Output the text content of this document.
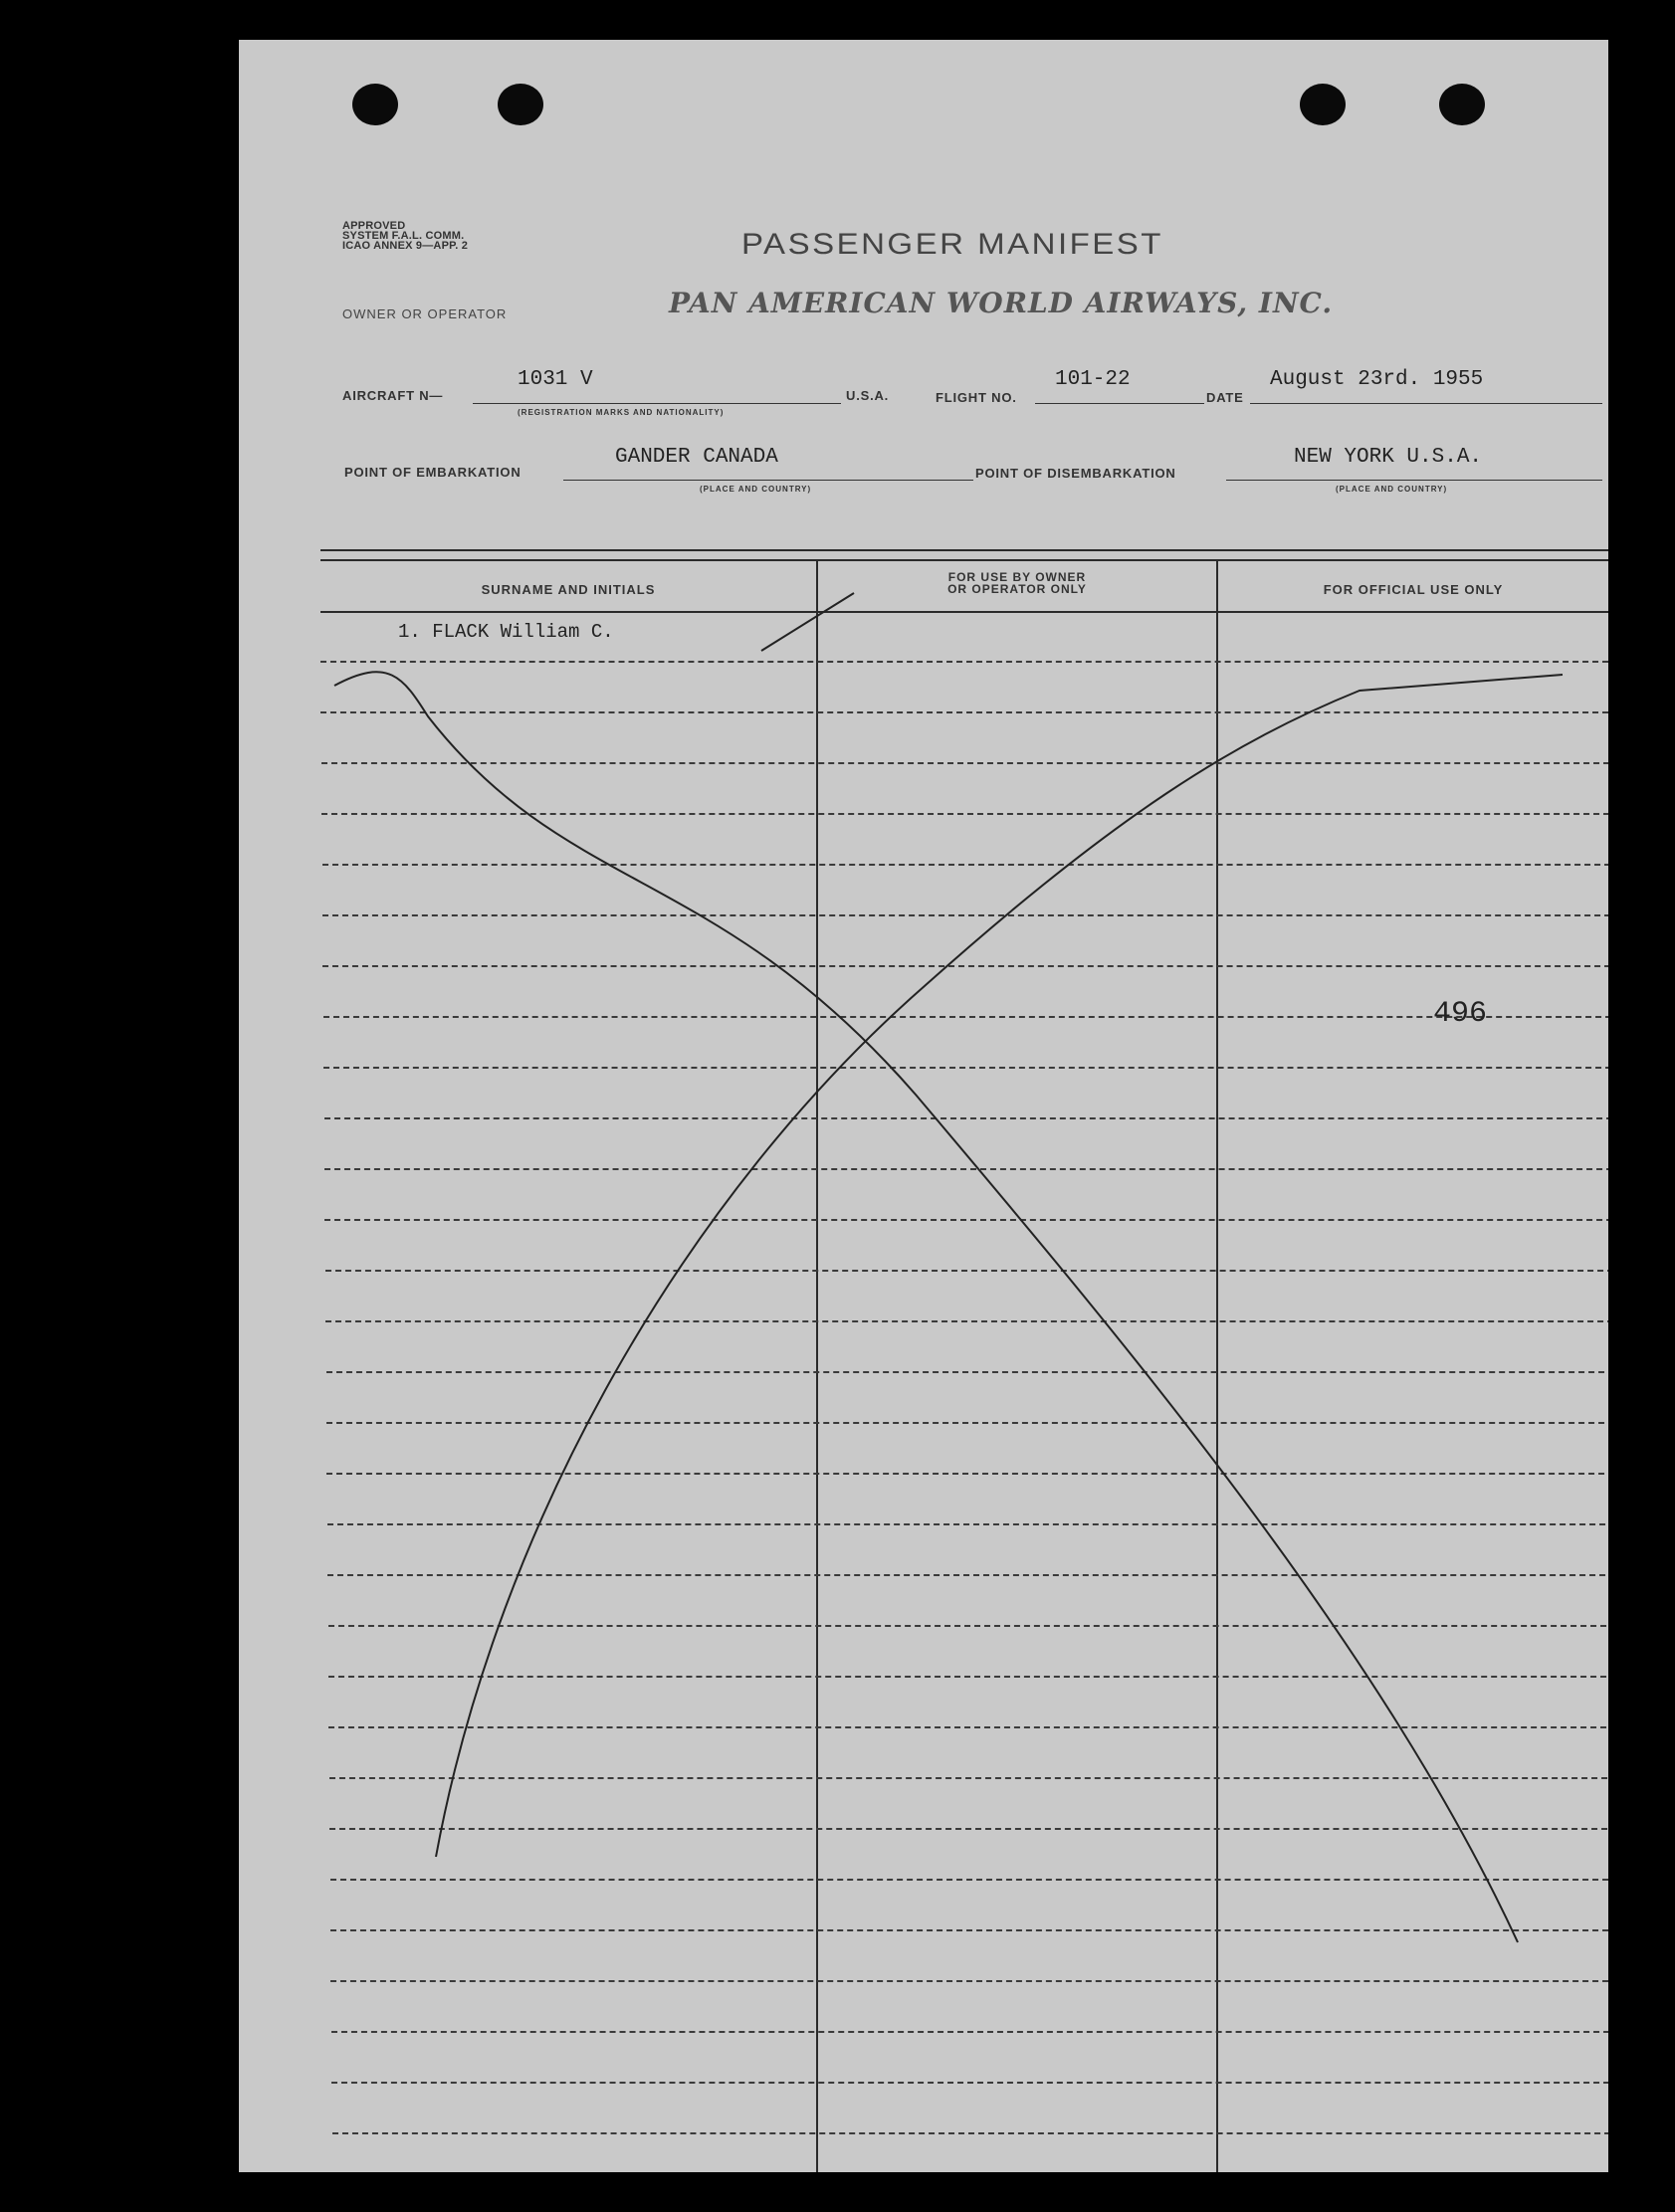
APPROVED
SYSTEM F.A.L. COMM.
ICAO ANNEX 9—APP. 2	PASSENGER MANIFEST
OWNER OR OPERATOR	PAN AMERICAN WORLD AIRWAYS, INC.
AIRCRAFT N—
1031 V
(REGISTRATION MARKS AND NATIONALITY)
U.S.A.	FLIGHT NO.
101-22
DATE
August 23rd. 1955
POINT OF EMBARKATION
GANDER CANADA
(PLACE AND COUNTRY)
POINT OF DISEMBARKATION
NEW YORK U.S.A.
(PLACE AND COUNTRY)
SURNAME AND INITIALS
FOR USE BY OWNER
OR OPERATOR ONLY	FOR OFFICIAL USE ONLY
1. FLACK William C.
496
